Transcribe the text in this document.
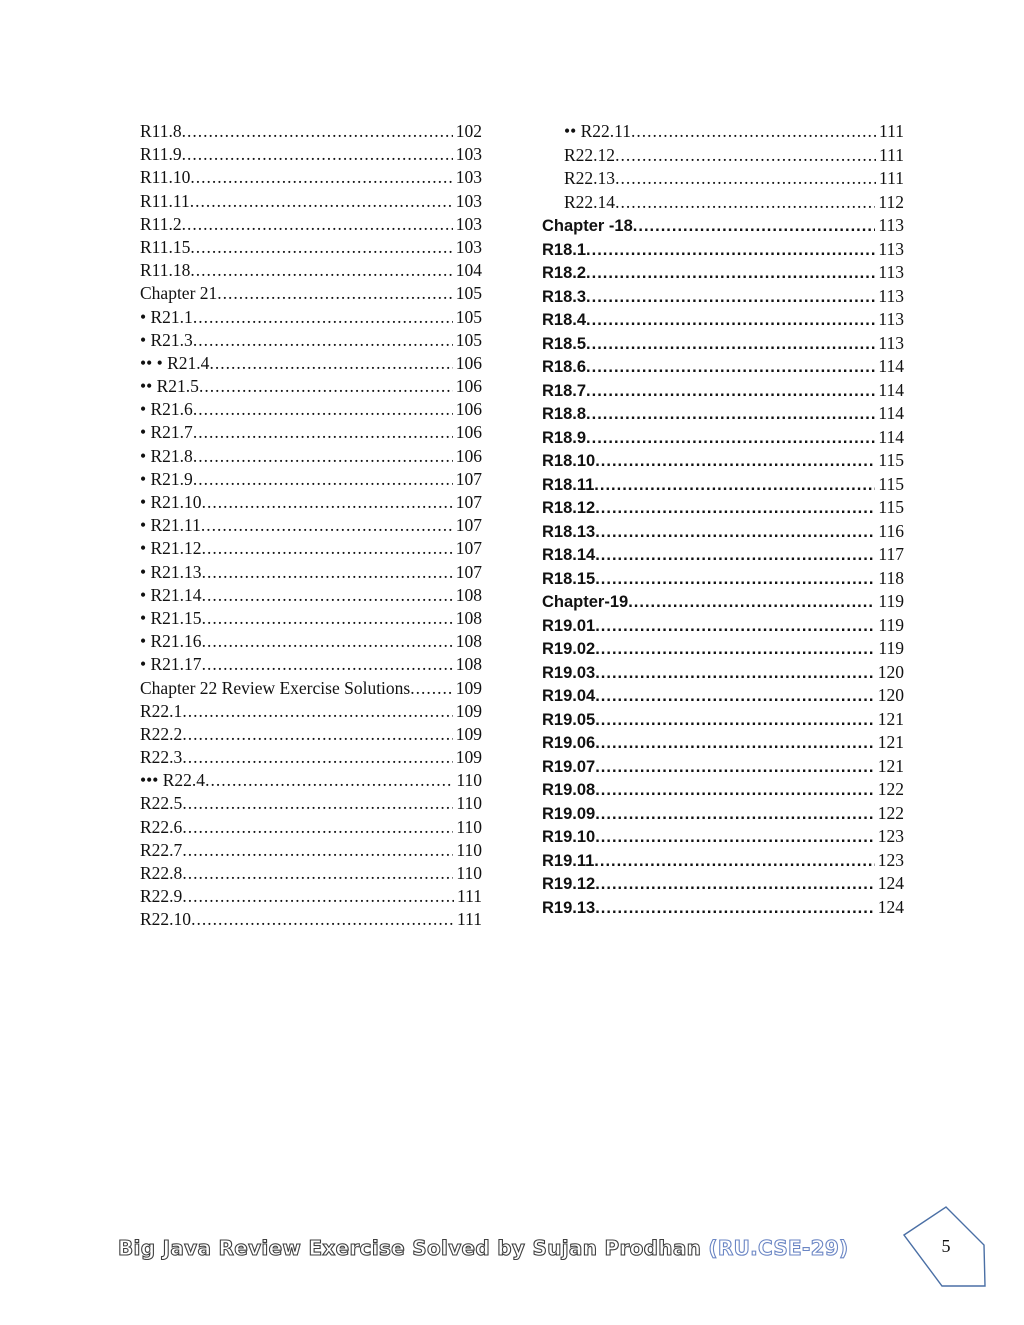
R11.8 .....	102
R11.9 .....	103
R11.10 .....	103
R11.11 .....	103
R11.2 .....	103
R11.15 .....	103
R11.18 .....	104
Chapter 21 .....	105
• R21.1 .....	105
• R21.3 .....	105
•• • R21.4 .....	106
•• R21.5 .....	106
• R21.6 .....	106
• R21.7 .....	106
• R21.8 .....	106
• R21.9 .....	107
• R21.10 .....	107
• R21.11 .....	107
• R21.12 .....	107
• R21.13 .....	107
• R21.14 .....	108
• R21.15 .....	108
• R21.16 .....	108
• R21.17 .....	108
Chapter 22 Review Exercise Solutions .....	109
R22.1 .....	109
R22.2 .....	109
R22.3 .....	109
••• R22.4 .....	110
R22.5 .....	110
R22.6 .....	110
R22.7 .....	110
R22.8 .....	110
R22.9 .....	111
R22.10 .....	111
•• R22.11 .....	111
R22.12 .....	111
R22.13 .....	111
R22.14 .....	112
Chapter -18 .....	113
R18.1 .....	113
R18.2 .....	113
R18.3 .....	113
R18.4 .....	113
R18.5 .....	113
R18.6 .....	114
R18.7 .....	114
R18.8 .....	114
R18.9 .....	114
R18.10 .....	115
R18.11 .....	115
R18.12 .....	115
R18.13 .....	116
R18.14 .....	117
R18.15 .....	118
Chapter-19 .....	119
R19.01 .....	119
R19.02 .....	119
R19.03 .....	120
R19.04 .....	120
R19.05 .....	121
R19.06 .....	121
R19.07 .....	121
R19.08 .....	122
R19.09 .....	122
R19.10 .....	123
R19.11 .....	123
R19.12 .....	124
R19.13 .....	124
Big Java Review Exercise Solved by Sujan Prodhan (RU.CSE-29)	5
